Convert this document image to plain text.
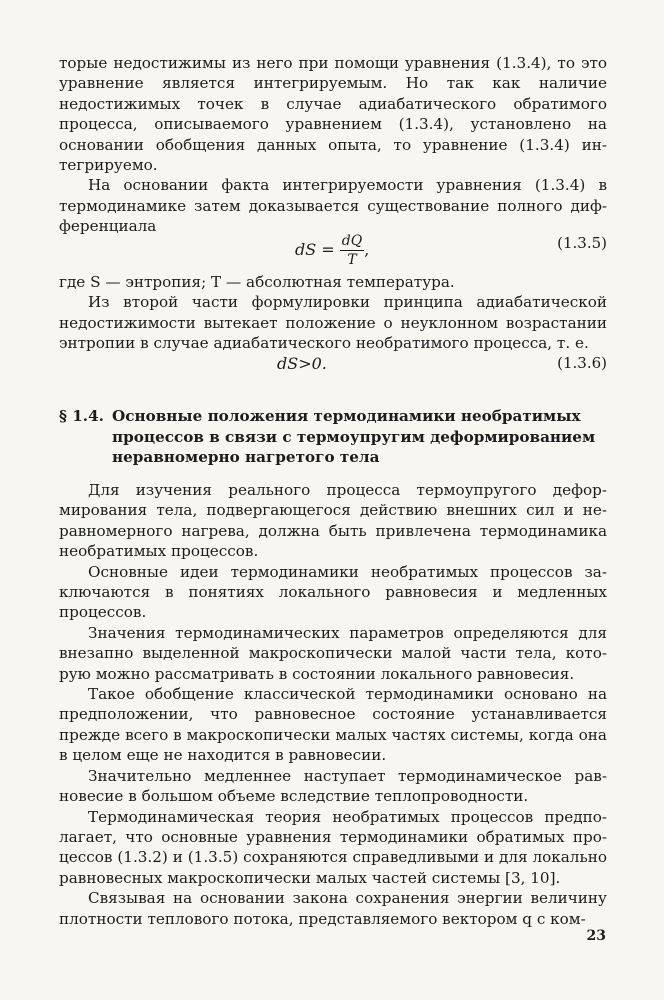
торые недостижимы из него при помощи уравнения (1.3.4), то это уравнение является интегрируемым. Но так как наличие недостижимых точек в случае адиабатического обратимого процесса, описываемого уравнением (1.3.4), установлено на основании обобщения данных опыта, то уравнение (1.3.4) интегрируемо.

На основании факта интегрируемости уравнения (1.3.4) в термодинамике затем доказывается существование полного дифференциала

dS = $\frac{dQ}{T}$ ,	(1.3.5)

где S — энтропия; T — абсолютная температура.

Из второй части формулировки принципа адиабатической недостижимости вытекает положение о неуклонном возрастании энтропии в случае адиабатического необратимого процесса, т. е.

dS>0.	(1.3.6)
§ 1.4. Основные положения термодинамики необратимых процессов в связи с термоупругим деформированием неравномерно нагретого тела

Для изучения реального процесса термоупругого деформирования тела, подвергающегося действию внешних сил и неравномерного нагрева, должна быть привлечена термодинамика необратимых процессов.

Основные идеи термодинамики необратимых процессов заключаются в понятиях локального равновесия и медленных процессов.

Значения термодинамических параметров определяются для внезапно выделенной макроскопически малой части тела, которую можно рассматривать в состоянии локального равновесия.

Такое обобщение классической термодинамики основано на предположении, что равновесное состояние устанавливается прежде всего в макроскопически малых частях системы, когда она в целом еще не находится в равновесии.

Значительно медленнее наступает термодинамическое равновесие в большом объеме вследствие теплопроводности.

Термодинамическая теория необратимых процессов предполагает, что основные уравнения термодинамики обратимых процессов (1.3.2) и (1.3.5) сохраняются справедливыми и для локально равновесных макроскопически малых частей системы [3, 10].

Связывая на основании закона сохранения энергии величину плотности теплового потока, представляемого вектором q с ком-

23
